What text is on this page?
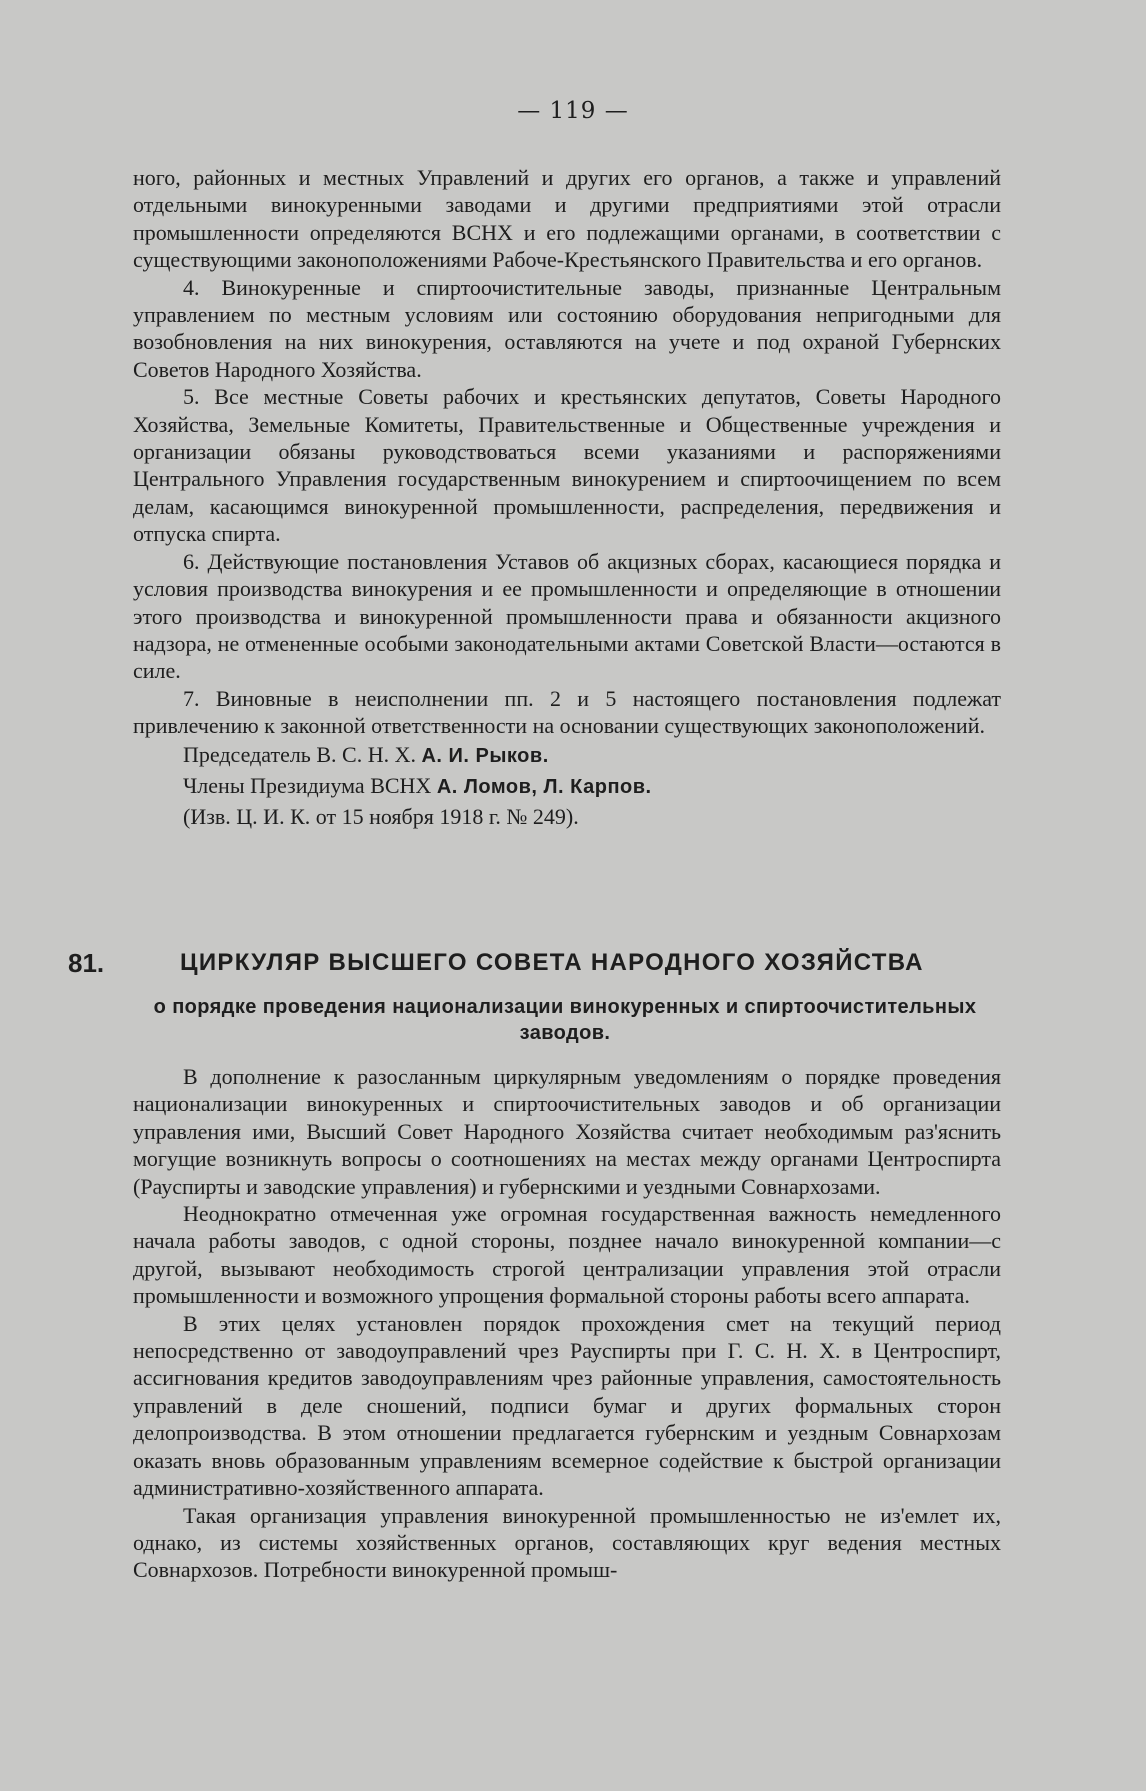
— 119 —

ного, районных и местных Управлений и других его органов, а также и управлений отдельными винокуренными заводами и другими предприятиями этой отрасли промышленности определяются ВСНХ и его подлежащими органами, в соответствии с существующими законоположениями Рабоче-Крестьянского Правительства и его органов.

4. Винокуренные и спиртоочистительные заводы, признанные Центральным управлением по местным условиям или состоянию оборудования непригодными для возобновления на них винокурения, оставляются на учете и под охраной Губернских Советов Народного Хозяйства.

5. Все местные Советы рабочих и крестьянских депутатов, Советы Народного Хозяйства, Земельные Комитеты, Правительственные и Общественные учреждения и организации обязаны руководствоваться всеми указаниями и распоряжениями Центрального Управления государственным винокурением и спиртоочищением по всем делам, касающимся винокуренной промышленности, распределения, передвижения и отпуска спирта.

6. Действующие постановления Уставов об акцизных сборах, касающиеся порядка и условия производства винокурения и ее промышленности и определяющие в отношении этого производства и винокуренной промышленности права и обязанности акцизного надзора, не отмененные особыми законодательными актами Советской Власти—остаются в силе.

7. Виновные в неисполнении пп. 2 и 5 настоящего постановления подлежат привлечению к законной ответственности на основании существующих законоположений.

Председатель В. С. Н. Х. А. И. Рыков.

Члены Президиума ВСНХ А. Ломов, Л. Карпов.

(Изв. Ц. И. К. от 15 ноября 1918 г. № 249).

81.	ЦИРКУЛЯР ВЫСШЕГО СОВЕТА НАРОДНОГО ХОЗЯЙСТВА
о порядке проведения национализации винокуренных и спиртоочистительных заводов.

В дополнение к разосланным циркулярным уведомлениям о порядке проведения национализации винокуренных и спиртоочистительных заводов и об организации управления ими, Высший Совет Народного Хозяйства считает необходимым раз'яснить могущие возникнуть вопросы о соотношениях на местах между органами Центроспирта (Рауспирты и заводские управления) и губернскими и уездными Совнархозами.

Неоднократно отмеченная уже огромная государственная важность немедленного начала работы заводов, с одной стороны, позднее начало винокуренной компании—с другой, вызывают необходимость строгой централизации управления этой отрасли промышленности и возможного упрощения формальной стороны работы всего аппарата.

В этих целях установлен порядок прохождения смет на текущий период непосредственно от заводоуправлений чрез Рауспирты при Г. С. Н. Х. в Центроспирт, ассигнования кредитов заводоуправлениям чрез районные управления, самостоятельность управлений в деле сношений, подписи бумаг и других формальных сторон делопроизводства. В этом отношении предлагается губернским и уездным Совнархозам оказать вновь образованным управлениям всемерное содействие к быстрой организации административно-хозяйственного аппарата.

Такая организация управления винокуренной промышленностью не из'емлет их, однако, из системы хозяйственных органов, составляющих круг ведения местных Совнархозов. Потребности винокуренной промыш-
